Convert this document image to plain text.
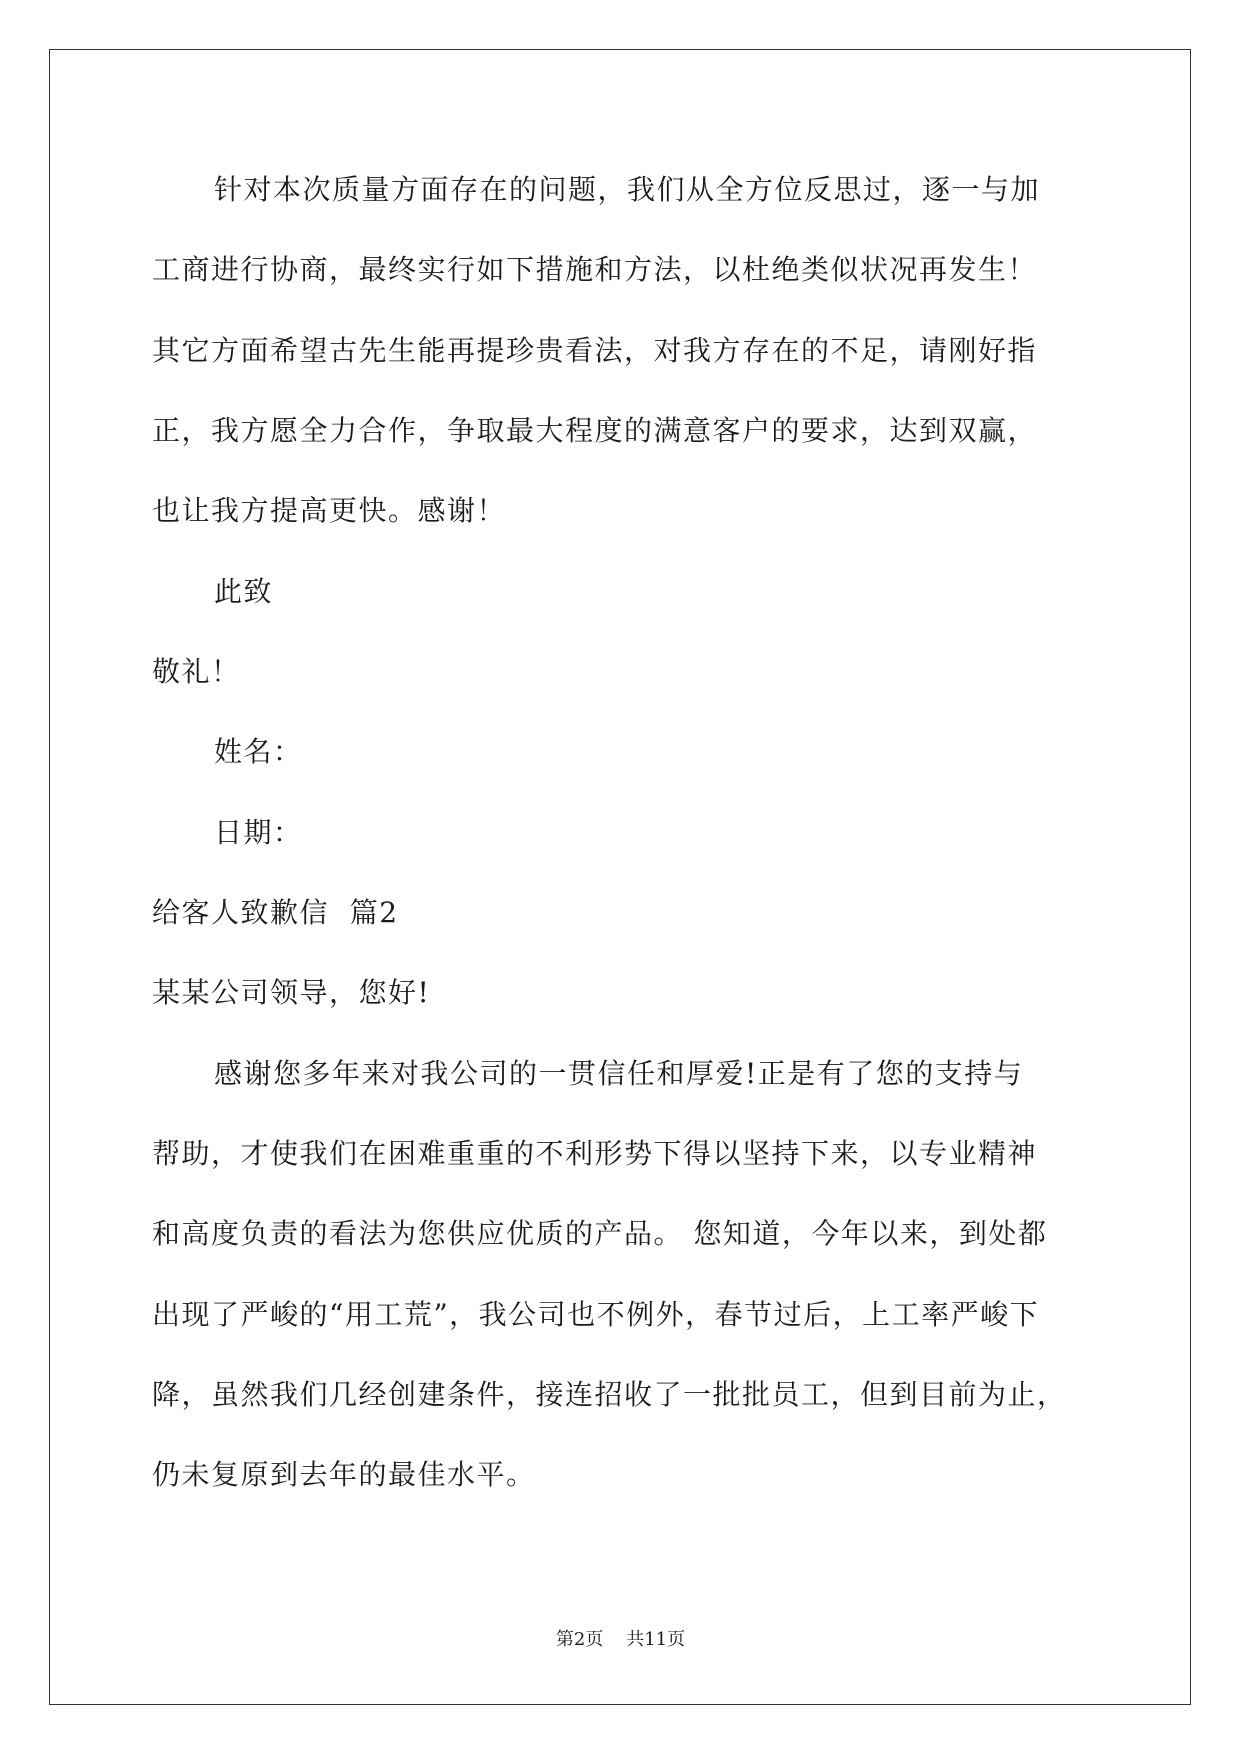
针对本次质量方面存在的问题，我们从全方位反思过，逐一与加
工商进行协商，最终实行如下措施和方法，以杜绝类似状况再发生！
其它方面希望古先生能再提珍贵看法，对我方存在的不足，请刚好指
正，我方愿全力合作，争取最大程度的满意客户的要求，达到双赢，
也让我方提高更快。感谢！
此致
敬礼！
姓名：
日期：
给客人致歉信  篇2
某某公司领导，您好!
感谢您多年来对我公司的一贯信任和厚爱!正是有了您的支持与
帮助，才使我们在困难重重的不利形势下得以坚持下来，以专业精神
和高度负责的看法为您供应优质的产品。 您知道，今年以来，到处都
出现了严峻的“用工荒”，我公司也不例外，春节过后，上工率严峻下
降，虽然我们几经创建条件，接连招收了一批批员工，但到目前为止，
仍未复原到去年的最佳水平。
第2页    共11页
